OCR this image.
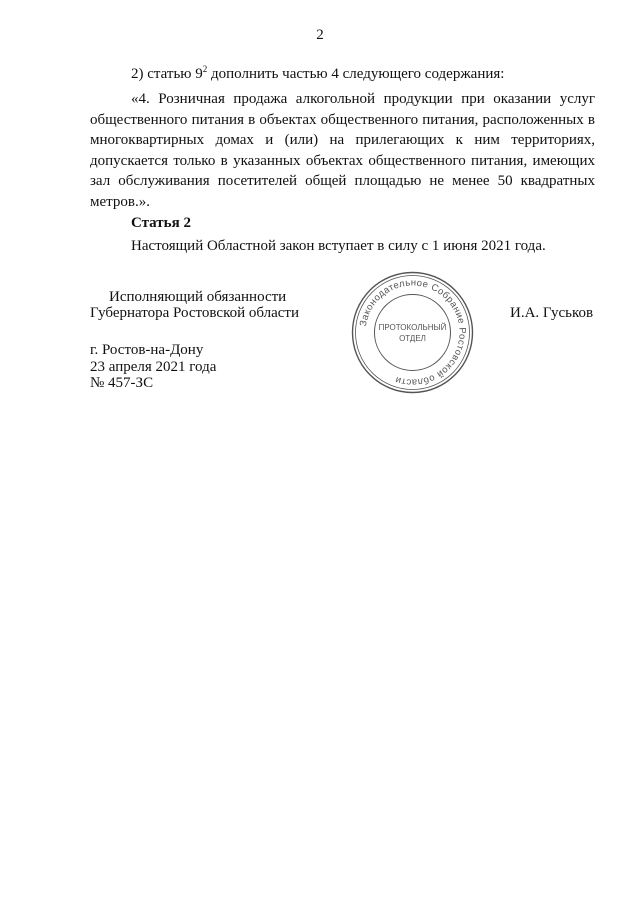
2
2) статью $9^2$ дополнить частью 4 следующего содержания:
«4. Розничная продажа алкогольной продукции при оказании услуг общественного питания в объектах общественного питания, расположенных в многоквартирных домах и (или) на прилегающих к ним территориях, допускается только в указанных объектах общественного питания, имеющих зал обслуживания посетителей общей площадью не менее 50 квадратных метров.».
Статья 2
Настоящий Областной закон вступает в силу с 1 июня 2021 года.
Исполняющий обязанности
Губернатора Ростовской области	И.А. Гуськов
Законодательное Собрание Ростовской области
ПРОТОКОЛЬНЫЙ
ОТДЕЛ
г. Ростов-на-Дону
23 апреля 2021 года
№ 457-ЗС
